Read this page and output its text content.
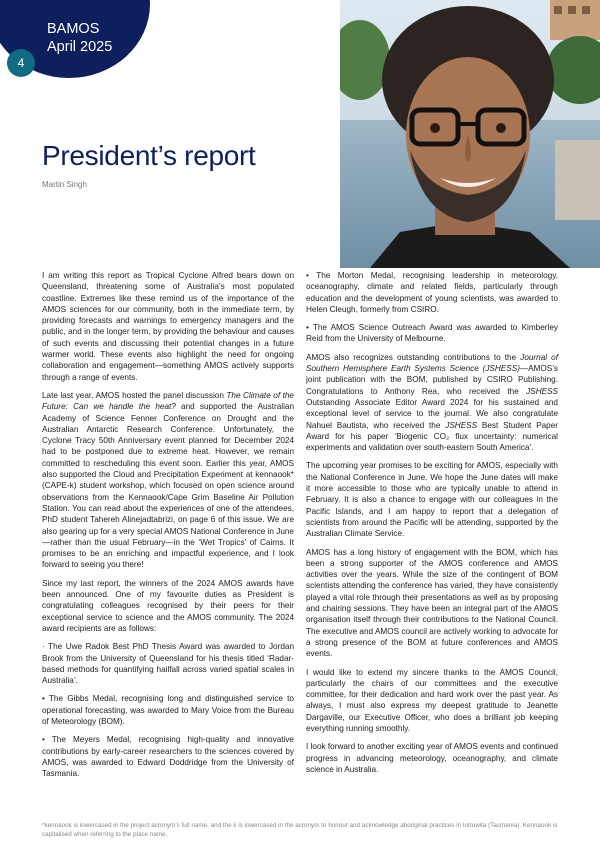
BAMOS
April 2025
4
President’s report
Martin Singh

I am writing this report as Tropical Cyclone Alfred bears down on Queensland, threatening some of Australia’s most populated coastline. Extremes like these remind us of the importance of the AMOS sciences for our community, both in the immediate term, by providing forecasts and warnings to emergency managers and the public, and in the longer term, by providing the behaviour and causes of such events and discussing their potential changes in a future warmer world. These events also highlight the need for ongoing collaboration and engagement—something AMOS actively supports through a range of events.

Late last year, AMOS hosted the panel discussion The Climate of the Future: Can we handle the heat? and supported the Australian Academy of Science Fenner Conference on Drought and the Australian Antarctic Research Conference. Unfortunately, the Cyclone Tracy 50th Anniversary event planned for December 2024 had to be postponed due to extreme heat. However, we remain committed to rescheduling this event soon. Earlier this year, AMOS also supported the Cloud and Precipitation Experiment at kennaook* (CAPE-k) student workshop, which focused on open science around observations from the Kennaook/Cape Grim Baseline Air Pollution Station. You can read about the experiences of one of the attendees, PhD student Tahereh Alinejadtabrizi, on page 6 of this issue. We are also gearing up for a very special AMOS National Conference in June—rather than the usual February—in the ‘Wet Tropics’ of Cairns. It promises to be an enriching and impactful experience, and I look forward to seeing you there!

Since my last report, the winners of the 2024 AMOS awards have been announced. One of my favourite duties as President is congratulating colleagues recognised by their peers for their exceptional service to science and the AMOS community. The 2024 award recipients are as follows:

· The Uwe Radok Best PhD Thesis Award was awarded to Jordan Brook from the University of Queensland for his thesis titled ‘Radar-based methods for quantifying hailfall across varied spatial scales in Australia’.

• The Gibbs Medal, recognising long and distinguished service to operational forecasting, was awarded to Mary Voice from the Bureau of Meteorology (BOM).

• The Meyers Medal, recognising high-quality and innovative contributions by early-career researchers to the sciences covered by AMOS, was awarded to Edward Doddridge from the University of Tasmania.

• The Morton Medal, recognising leadership in meteorology, oceanography, climate and related fields, particularly through education and the development of young scientists, was awarded to Helen Cleugh, formerly from CSIRO.

• The AMOS Science Outreach Award was awarded to Kimberley Reid from the University of Melbourne.

AMOS also recognizes outstanding contributions to the Journal of Southern Hemisphere Earth Systems Science (JSHESS)—AMOS’s joint publication with the BOM, published by CSIRO Publishing. Congratulations to Anthony Rea, who received the JSHESS Outstanding Associate Editor Award 2024 for his sustained and exceptional level of service to the journal. We also congratulate Nahuel Bautista, who received the JSHESS Best Student Paper Award for his paper ‘Biogenic CO₂ flux uncertainty: numerical experiments and validation over south-eastern South America’.

The upcoming year promises to be exciting for AMOS, especially with the National Conference in June. We hope the June dates will make it more accessible to those who are typically unable to attend in February. It is also a chance to engage with our colleagues in the Pacific Islands, and I am happy to report that a delegation of scientists from around the Pacific will be attending, supported by the Australian Climate Service.

AMOS has a long history of engagement with the BOM, which has been a strong supporter of the AMOS conference and AMOS activities over the years. While the size of the contingent of BOM scientists attending the conference has varied, they have consistently played a vital role through their presentations as well as by proposing and chairing sessions. They have been an integral part of the AMOS organisation itself through their contributions to the National Council. The executive and AMOS council are actively working to advocate for a strong presence of the BOM at future conferences and AMOS events.

I would like to extend my sincere thanks to the AMOS Council, particularly the chairs of our committees and the executive committee, for their dedication and hard work over the past year. As always, I must also express my deepest gratitude to Jeanette Dargaville, our Executive Officer, who does a brilliant job keeping everything running smoothly.

I look forward to another exciting year of AMOS events and continued progress in advancing meteorology, oceanography, and climate science in Australia.

*kennaook is lowercased in the project acronym’s full name, and the k is lowercased in the acronym to honour and acknowledge aboriginal practices in lutruwita (Tasmania). Kennaook is capitalised when referring to the place name.
